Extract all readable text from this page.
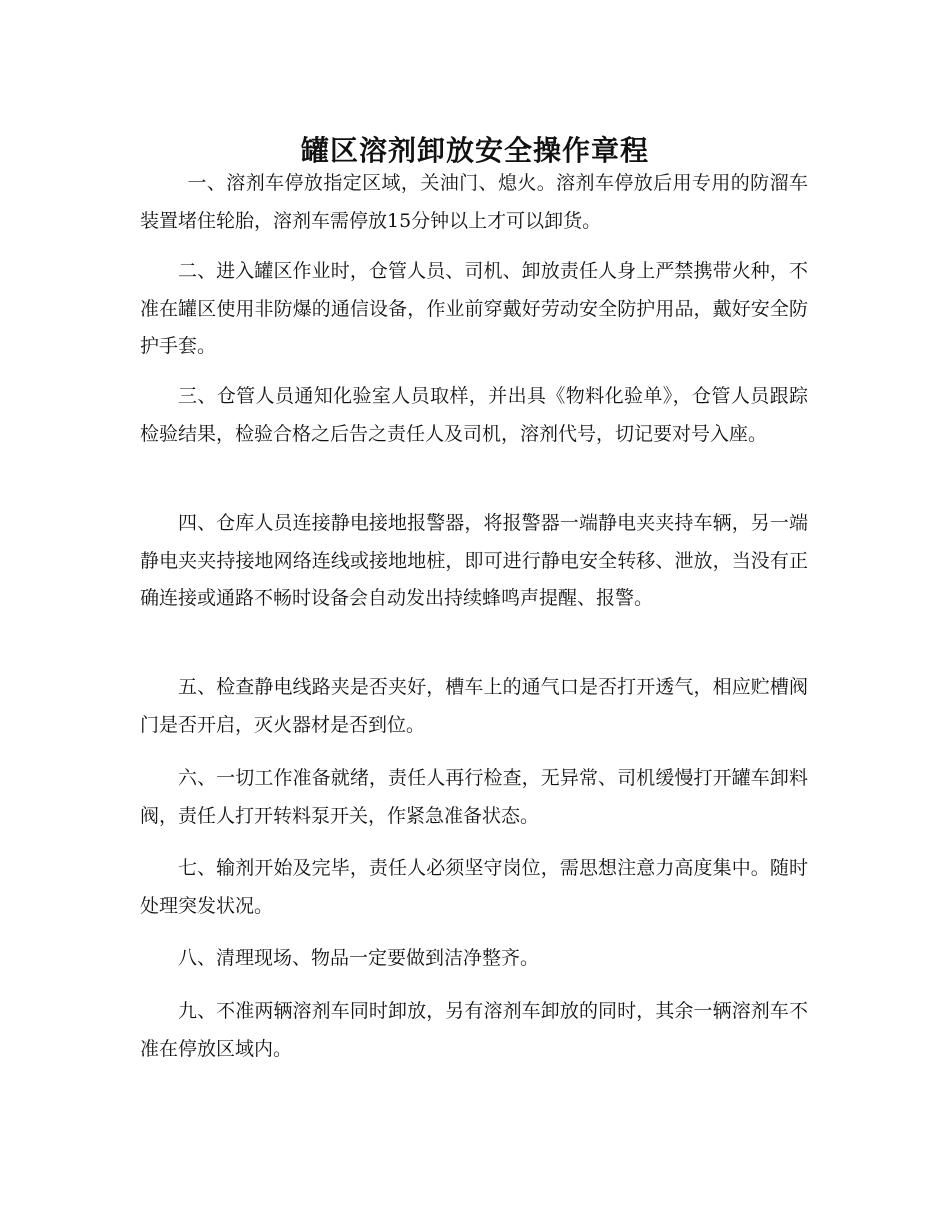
罐区溶剂卸放安全操作章程

一、溶剂车停放指定区域，关油门、熄火。溶剂车停放后用专用的防溜车装置堵住轮胎，溶剂车需停放15分钟以上才可以卸货。

二、进入罐区作业时，仓管人员、司机、卸放责任人身上严禁携带火种，不准在罐区使用非防爆的通信设备，作业前穿戴好劳动安全防护用品，戴好安全防护手套。

三、仓管人员通知化验室人员取样，并出具《物料化验单》，仓管人员跟踪检验结果，检验合格之后告之责任人及司机，溶剂代号，切记要对号入座。

四、仓库人员连接静电接地报警器，将报警器一端静电夹夹持车辆，另一端静电夹夹持接地网络连线或接地地桩，即可进行静电安全转移、泄放，当没有正确连接或通路不畅时设备会自动发出持续蜂鸣声提醒、报警。

五、检查静电线路夹是否夹好，槽车上的通气口是否打开透气，相应贮槽阀门是否开启，灭火器材是否到位。

六、一切工作准备就绪，责任人再行检查，无异常、司机缓慢打开罐车卸料阀，责任人打开转料泵开关，作紧急准备状态。

七、输剂开始及完毕，责任人必须坚守岗位，需思想注意力高度集中。随时处理突发状况。

八、清理现场、物品一定要做到洁净整齐。

九、不准两辆溶剂车同时卸放，另有溶剂车卸放的同时，其余一辆溶剂车不准在停放区域内。
